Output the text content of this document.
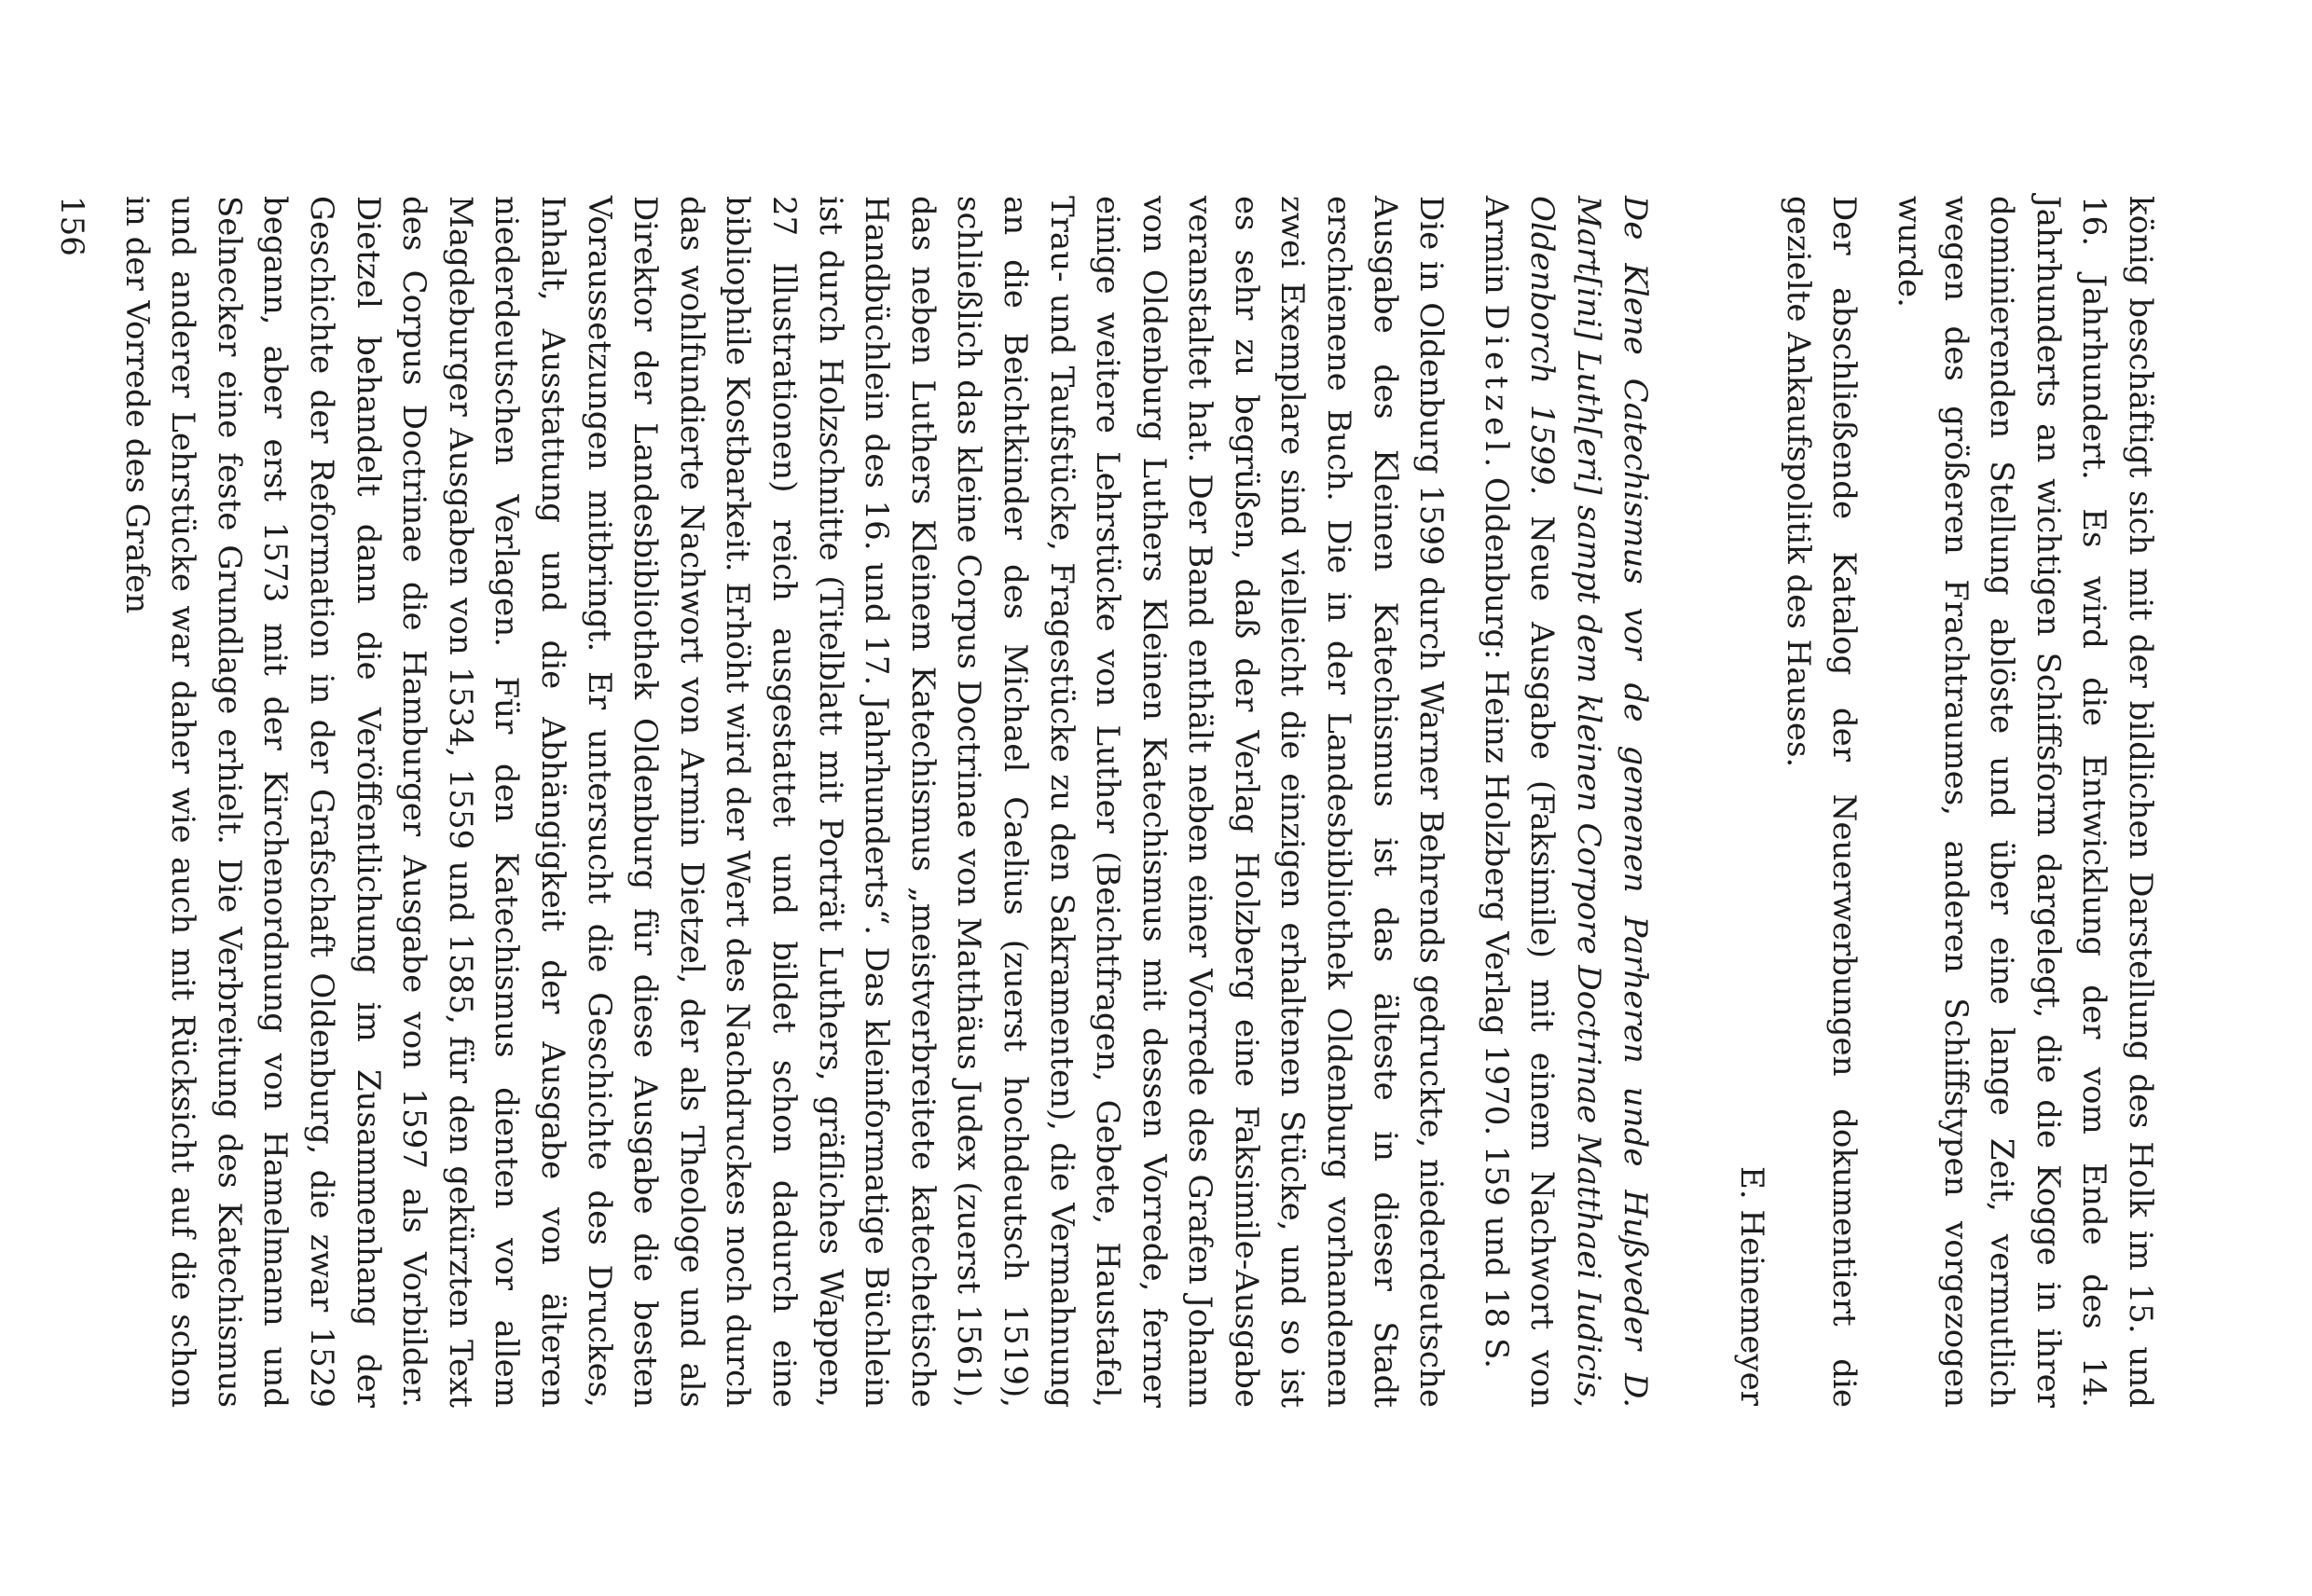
könig beschäftigt sich mit der bildlichen Darstellung des Holk im 15. und 16. Jahrhundert. Es wird die Entwicklung der vom Ende des 14. Jahrhunderts an wichtigen Schiffsform dargelegt, die die Kogge in ihrer dominierenden Stellung ablöste und über eine lange Zeit, vermutlich wegen des größeren Frachtraumes, anderen Schiffstypen vorgezogen wurde.

Der abschließende Katalog der Neuerwerbungen dokumentiert die gezielte Ankaufspolitik des Hauses.

E. Heinemeyer

De Klene Catechismus vor de gemenen Parheren unde Hußveder D. Mart[ini] Luth[eri] sampt dem kleinen Corpore Doctrinae Matthaei Iudicis, Oldenborch 1599. Neue Ausgabe (Faksimile) mit einem Nachwort von Armin Dietzel. Oldenburg: Heinz Holzberg Verlag 1970. 159 und 18 S.

Die in Oldenburg 1599 durch Warner Behrends gedruckte, niederdeutsche Ausgabe des Kleinen Katechismus ist das älteste in dieser Stadt erschienene Buch. Die in der Landesbibliothek Oldenburg vorhandenen zwei Exemplare sind vielleicht die einzigen erhaltenen Stücke, und so ist es sehr zu begrüßen, daß der Verlag Holzberg eine Faksimile-Ausgabe veranstaltet hat. Der Band enthält neben einer Vorrede des Grafen Johann von Oldenburg Luthers Kleinen Katechismus mit dessen Vorrede, ferner einige weitere Lehrstücke von Luther (Beichtfragen, Gebete, Haustafel, Trau- und Taufstücke, Fragestücke zu den Sakramenten), die Vermahnung an die Beichtkinder des Michael Caelius (zuerst hochdeutsch 1519), schließlich das kleine Corpus Doctrinae von Matthäus Judex (zuerst 1561), das neben Luthers Kleinem Katechismus „meistverbreitete katechetische Handbüchlein des 16. und 17. Jahrhunderts“. Das kleinformatige Büchlein ist durch Holzschnitte (Titelblatt mit Porträt Luthers, gräfliches Wappen, 27 Illustrationen) reich ausgestattet und bildet schon dadurch eine bibliophile Kostbarkeit. Erhöht wird der Wert des Nachdruckes noch durch das wohlfundierte Nachwort von Armin Dietzel, der als Theologe und als Direktor der Landesbibliothek Oldenburg für diese Ausgabe die besten Voraussetzungen mitbringt. Er untersucht die Geschichte des Druckes, Inhalt, Ausstattung und die Abhängigkeit der Ausgabe von älteren niederdeutschen Verlagen. Für den Katechismus dienten vor allem Magdeburger Ausgaben von 1534, 1559 und 1585, für den gekürzten Text des Corpus Doctrinae die Hamburger Ausgabe von 1597 als Vorbilder. Dietzel behandelt dann die Veröffentlichung im Zusammenhang der Geschichte der Reformation in der Grafschaft Oldenburg, die zwar 1529 begann, aber erst 1573 mit der Kirchenordnung von Hamelmann und Selnecker eine feste Grundlage erhielt. Die Verbreitung des Katechismus und anderer Lehrstücke war daher wie auch mit Rücksicht auf die schon in der Vorrede des Grafen

156
